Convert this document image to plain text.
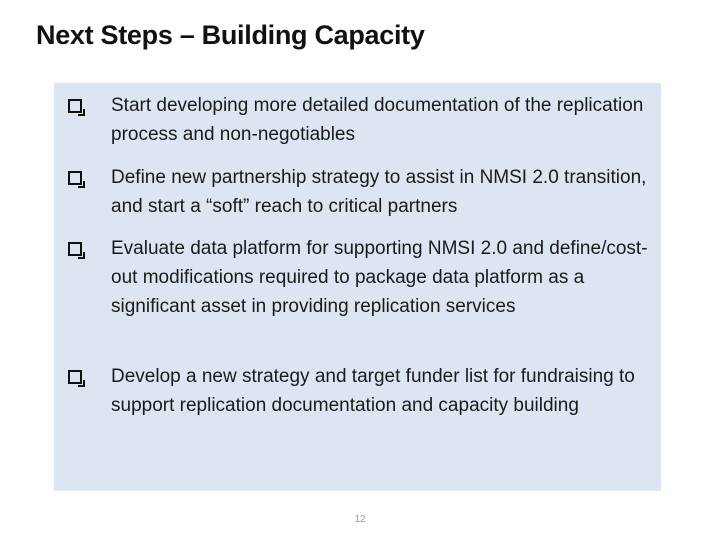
Next Steps – Building Capacity
Start developing more detailed documentation of the replication process and non-negotiables
Define new partnership strategy to assist in NMSI 2.0 transition, and start a “soft” reach to critical partners
Evaluate data platform for supporting NMSI 2.0 and define/cost-out modifications required to package data platform as a significant asset in providing replication services
Develop a new strategy and target funder list for fundraising to support replication documentation and capacity building
12
